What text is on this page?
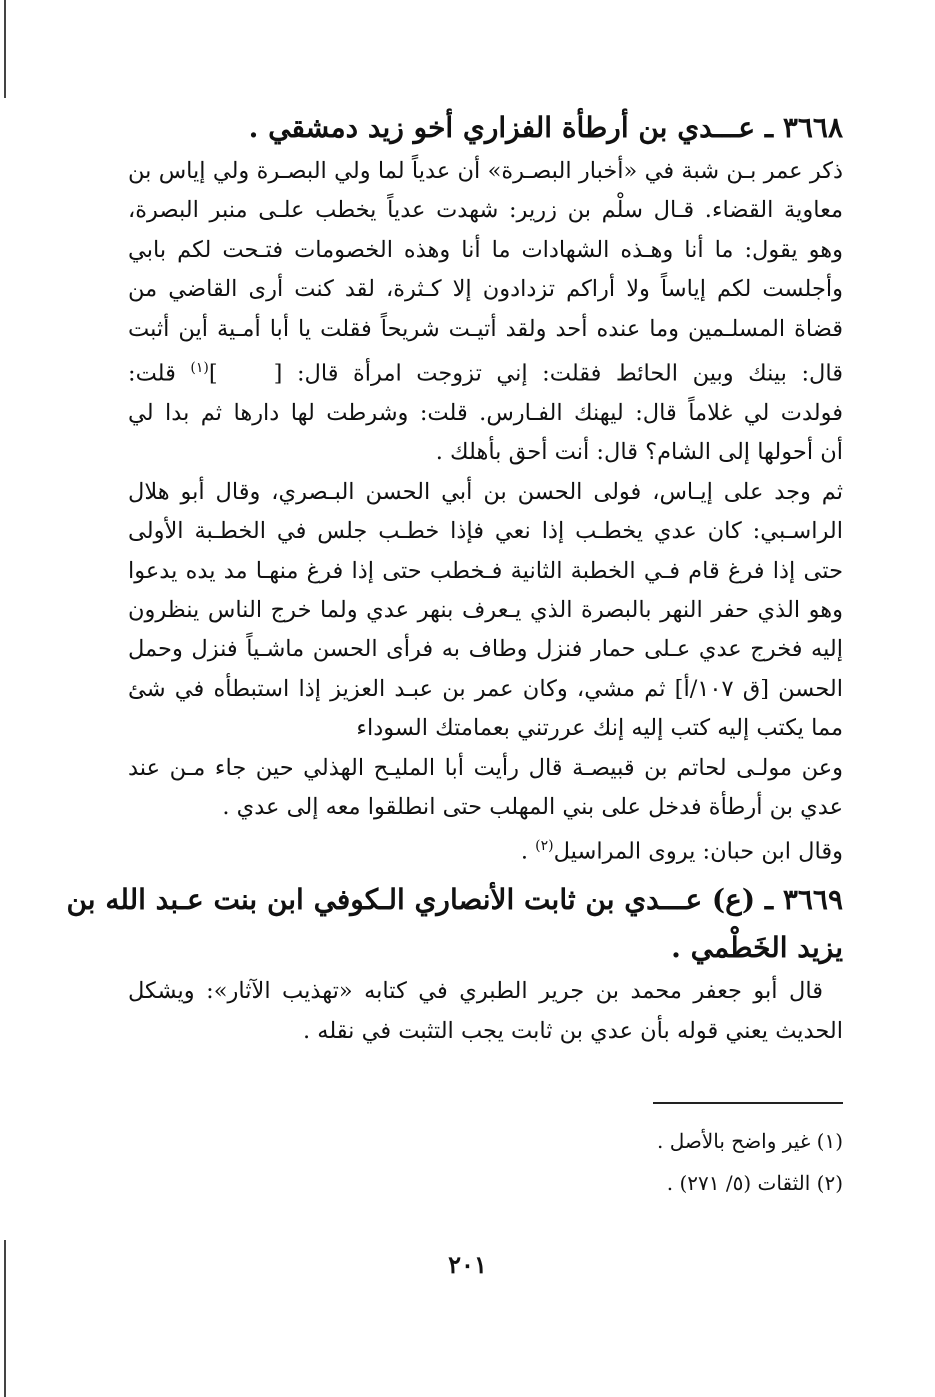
٣٦٦٨ ـ عـــدي بن أرطأة الفزاري أخو زيد دمشقي .

ذكر عمر بـن شبة في «أخبار البصـرة» أن عدياً لما ولي البصـرة ولي إياس بن
معاوية القضاء. قـال سلْم بن زرير: شهدت عدياً يخطب علـى منبر البصرة،
وهو يقول: ما أنا وهـذه الشهادات ما أنا وهذه الخصومات فتـحت لكم بابي
وأجلست لكم إياساً ولا أراكم تزدادون إلا كـثرة، لقد كنت أرى القاضي من
قضاة المسلـمين وما عنده أحد ولقد أتيـت شريحاً فقلت يا أبا أمـية أين أثبت
قال: بينك وبين الحائط فقلت: إني تزوجت امرأة قال: []$^{(١)}$ قلت:
فولدت لي غلاماً قال: ليهنك الفـارس. قلت: وشرطت لها دارها ثم بدا لي
أن أحولها إلى الشام؟ قال: أنت أحق بأهلك .

ثم وجد على إيـاس، فولى الحسن بن أبي الحسن البـصري، وقال أبو هلال
الراسـبي: كان عدي يخطـب إذا نعي فإذا خطـب جلس في الخطـبة الأولى
حتى إذا فرغ قام فـي الخطبة الثانية فـخطب حتى إذا فرغ منهـا مد يده يدعوا
وهو الذي حفر النهر بالبصرة الذي يـعرف بنهر عدي ولما خرج الناس ينظرون
إليه فخرج عدي عـلى حمار فنزل وطاف به فرأى الحسن ماشـياً فنزل وحمل
الحسن [ق ١٠٧/أ] ثم مشي، وكان عمر بن عبـد العزيز إذا استبطأه في شئ
مما يكتب إليه كتب إليه إنك عررتني بعمامتك السوداء

وعن مولـى لحاتم بن قبيصـة قال رأيت أبا المليـح الهذلي حين جاء مـن عند
عدي بن أرطأة فدخل على بني المهلب حتى انطلقوا معه إلى عدي .

وقال ابن حبان: يروى المراسيل$^{(٢)}$ .

٣٦٦٩ ـ (ع) عـــدي بن ثابت الأنصاري الـكوفي ابن بنت عـبد الله بن
يزيد الخَطْمي .

قال أبو جعفر محمد بن جرير الطبري في كتابه «تهذيب الآثار»: ويشكل
الحديث يعني قوله بأن عدي بن ثابت يجب التثبت في نقله .

(١) غير واضح بالأصل .
(٢) الثقات (٥/ ٢٧١) .
٢٠١
